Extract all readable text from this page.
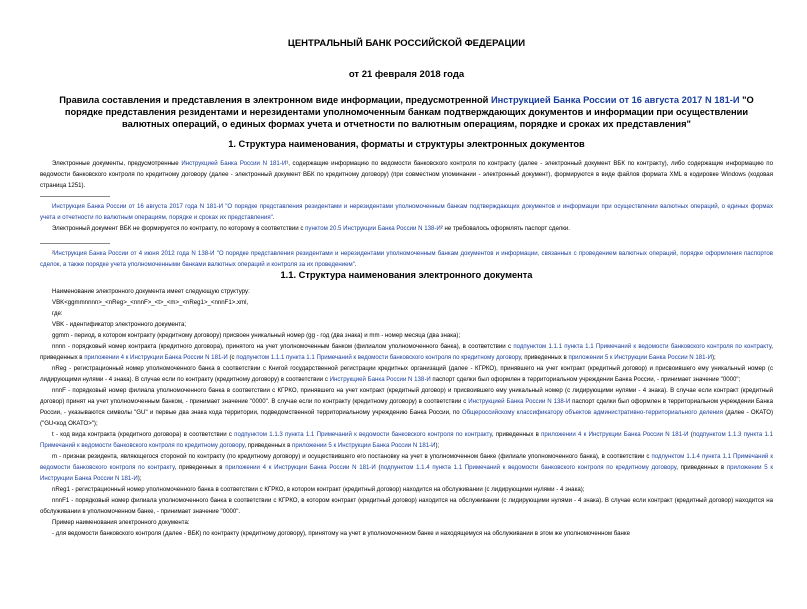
ЦЕНТРАЛЬНЫЙ БАНК РОССИЙСКОЙ ФЕДЕРАЦИИ
от 21 февраля 2018 года
Правила составления и представления в электронном виде информации, предусмотренной Инструкцией Банка России от 16 августа 2017 N 181-И "О порядке представления резидентами и нерезидентами уполномоченным банкам подтверждающих документов и информации при осуществлении валютных операций, о единых формах учета и отчетности по валютным операциям, порядке и сроках их представления"
1. Структура наименования, форматы и структуры электронных документов

Электронные документы, предусмотренные Инструкцией Банка России N 181-И¹, содержащие информацию по ведомости банковского контроля по контракту (далее - электронный документ ВБК по контракту), либо содержащие информацию по ведомости банковского контроля по кредитному договору (далее - электронный документ ВБК по кредитному договору) (при совместном упоминании - электронный документ), формируются в виде файлов формата XML в кодировке Windows (кодовая страница 1251).

Инструкция Банка России от 16 августа 2017 года N 181-И "О порядке представления резидентами и нерезидентами уполномоченным банкам подтверждающих документов и информации при осуществлении валютных операций, о единых формах учета и отчетности по валютным операциям, порядке и сроках их представления".

Электронный документ ВБК не формируется по контракту, по которому в соответствии с пунктом 20.5 Инструкции Банка России N 138-И² не требовалось оформлять паспорт сделки.

²Инструкция Банка России от 4 июня 2012 года N 138-И "О порядке представления резидентами и нерезидентами уполномоченным банкам документов и информации, связанных с проведением валютных операций, порядке оформления паспортов сделок, а также порядке учета уполномоченными банками валютных операций и контроля за их проведением".

1.1. Структура наименования электронного документа

Наименование электронного документа имеет следующую структуру:

VBK<ggmmnnnn>_<nReg>_<nnnF>_<t>_<m>_<nReg1>_<nnnF1>.xml,

где:

VBK - идентификатор электронного документа;

ggmm - период, в котором контракту (кредитному договору) присвоен уникальный номер (gg - год (два знака) и mm - номер месяца (два знака);

nnnn - порядковый номер контракта (кредитного договора), принятого на учет уполномоченным банком (филиалом уполномоченного банка), в соответствии с подпунктом 1.1.1 пункта 1.1 Примечаний к ведомости банковского контроля по контракту, приведенных в приложении 4 к Инструкции Банка России N 181-И (с подпунктом 1.1.1 пункта 1.1 Примечаний к ведомости банковского контроля по кредитному договору, приведенных в приложении 5 к Инструкции Банка России N 181-И);

nReg - регистрационный номер уполномоченного банка в соответствии с Книгой государственной регистрации кредитных организаций (далее - КГРКО), принявшего на учет контракт (кредитный договор) и присвоившего ему уникальный номер (с лидирующими нулями - 4 знака). В случае если по контракту (кредитному договору) в соответствии с Инструкцией Банка России N 138-И паспорт сделки был оформлен в территориальном учреждении Банка России, - принимает значение "0000";

nnnF - порядковый номер филиала уполномоченного банка в соответствии с КГРКО, принявшего на учет контракт (кредитный договор) и присвоившего ему уникальный номер (с лидирующими нулями - 4 знака). В случае если контракт (кредитный договор) принят на учет уполномоченным банком, - принимает значение "0000". В случае если по контракту (кредитному договору) в соответствии с Инструкцией Банка России N 138-И паспорт сделки был оформлен в территориальном учреждении Банка России, - указываются символы "GU" и первые два знака кода территории, подведомственной территориальному учреждению Банка России, по Общероссийскому классификатору объектов административно-территориального деления (далее - ОКАТО) ("GU<код ОКАТО>");

t - код вида контракта (кредитного договора) в соответствии с подпунктом 1.1.3 пункта 1.1 Примечаний к ведомости банковского контроля по контракту, приведенных в приложении 4 к Инструкции Банка России N 181-И (подпунктом 1.1.3 пункта 1.1 Примечаний к ведомости банковского контроля по кредитному договору, приведенных в приложении 5 к Инструкции Банка России N 181-И);

m - признак резидента, являющегося стороной по контракту (по кредитному договору) и осуществившего его постановку на учет в уполномоченном банке (филиале уполномоченного банка), в соответствии с подпунктом 1.1.4 пункта 1.1 Примечаний к ведомости банковского контроля по контракту, приведенных в приложении 4 к Инструкции Банка России N 181-И (подпунктом 1.1.4 пункта 1.1 Примечаний к ведомости банковского контроля по кредитному договору, приведенных в приложении 5 к Инструкции Банка России N 181-И);

nReg1 - регистрационный номер уполномоченного банка в соответствии с КГРКО, в котором контракт (кредитный договор) находится на обслуживании (с лидирующими нулями - 4 знака);

nnnF1 - порядковый номер филиала уполномоченного банка в соответствии с КГРКО, в котором контракт (кредитный договор) находится на обслуживании (с лидирующими нулями - 4 знака). В случае если контракт (кредитный договор) находится на обслуживании в уполномоченном банке, - принимает значение "0000".

Пример наименования электронного документа:

- для ведомости банковского контроля (далее - ВБК) по контракту (кредитному договору), принятому на учет в уполномоченном банке и находящемуся на обслуживании в этом же уполномоченном банке
